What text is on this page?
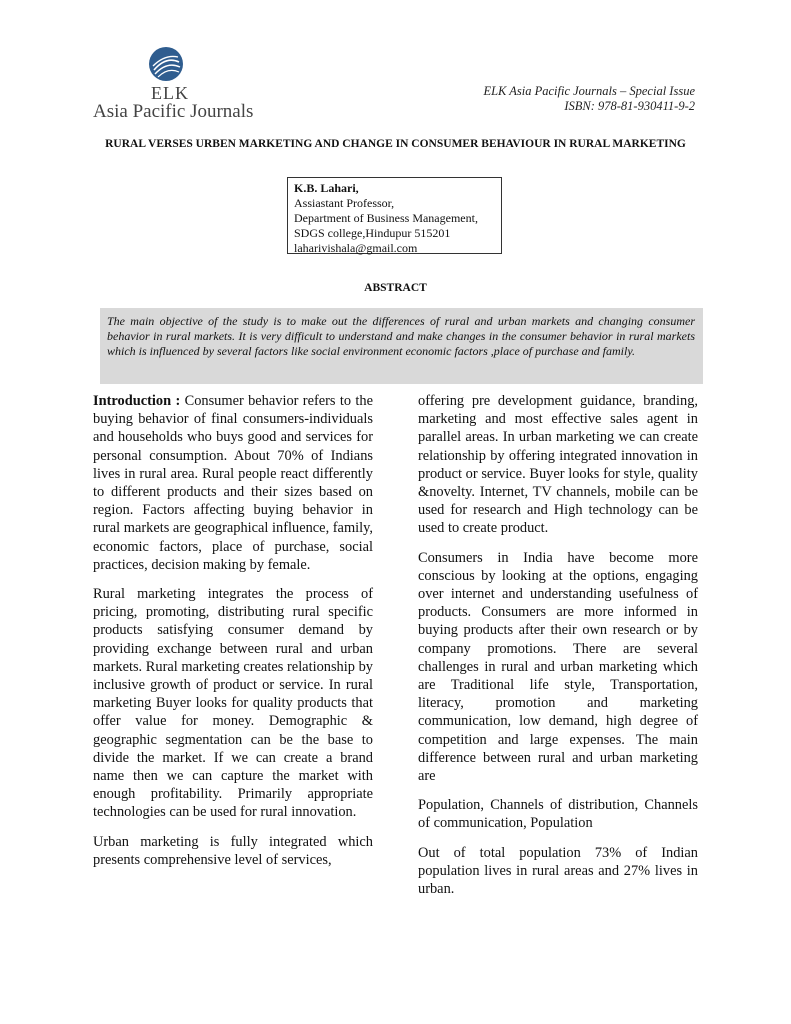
ELK
Asia Pacific Journals
ELK Asia Pacific Journals – Special Issue
ISBN: 978-81-930411-9-2
RURAL VERSES URBEN MARKETING AND CHANGE IN CONSUMER BEHAVIOUR IN RURAL MARKETING
K.B. Lahari,
Assiastant Professor,
Department of Business Management,
SDGS college,Hindupur 515201
laharivishala@gmail.com
ABSTRACT
The main objective of the study is to make out the differences of rural and urban markets and changing consumer behavior in rural markets. It is very difficult to understand and make changes in the consumer behavior in rural markets which is influenced by several factors like social environment economic factors ,place of purchase and family.

Introduction : Consumer behavior refers to the buying behavior of final consumers-individuals and households who buys good and services for personal consumption. About 70% of Indians lives in rural area. Rural people react differently to different products and their sizes based on region. Factors affecting buying behavior in rural markets are geographical influence, family, economic factors, place of purchase, social practices, decision making by female.

Rural marketing integrates the process of pricing, promoting, distributing rural specific products satisfying consumer demand by providing exchange between rural and urban markets. Rural marketing creates relationship by inclusive growth of product or service. In rural marketing Buyer looks for quality products that offer value for money. Demographic & geographic segmentation can be the base to divide the market. If we can create a brand name then we can capture the market with enough profitability. Primarily appropriate technologies can be used for rural innovation.

Urban marketing is fully integrated which presents comprehensive level of services,

offering pre development guidance, branding, marketing and most effective sales agent in parallel areas. In urban marketing we can create relationship by offering integrated innovation in product or service. Buyer looks for style, quality &novelty. Internet, TV channels, mobile can be used for research and High technology can be used to create product.

Consumers in India have become more conscious by looking at the options, engaging over internet and understanding usefulness of products. Consumers are more informed in buying products after their own research or by company promotions. There are several challenges in rural and urban marketing which are Traditional life style, Transportation, literacy, promotion and marketing communication, low demand, high degree of competition and large expenses. The main difference between rural and urban marketing are

Population, Channels of distribution, Channels of communication, Population

Out of total population 73% of Indian population lives in rural areas and 27% lives in urban.
